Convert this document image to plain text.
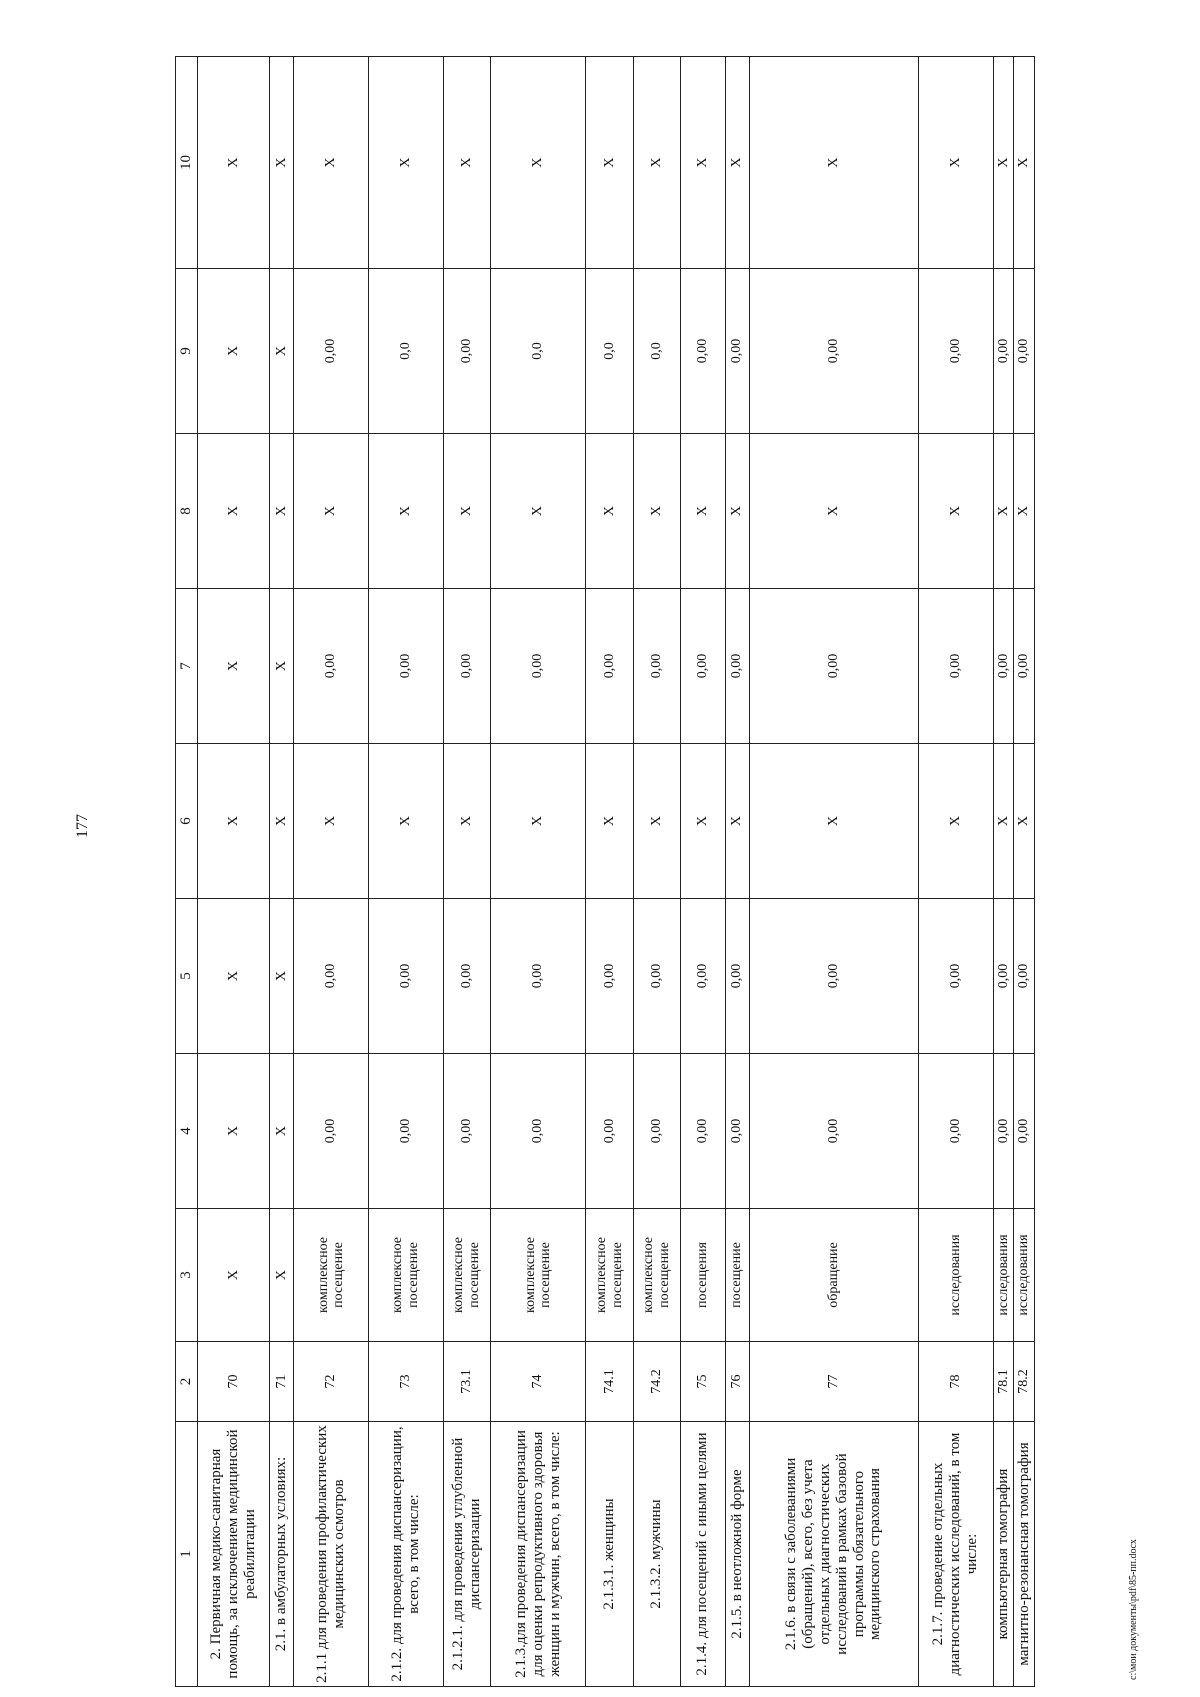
177
1	2	3	4	5	6	7	8	9	10
2. Первичная медико-санитарная помощь, за исключением медицинской реабилитации	70	X	X	X	X	X	X	X	X
2.1. в амбулаторных условиях:	71	X	X	X	X	X	X	X	X
2.1.1 для проведения профилактических медицинских осмотров	72	комплексное посещение	0,00	0,00	X	0,00	X	0,00	X
2.1.2. для проведения диспансеризации, всего, в том числе:	73	комплексное посещение	0,00	0,00	X	0,00	X	0,0	X
2.1.2.1. для проведения углубленной диспансеризации	73.1	комплексное посещение	0,00	0,00	X	0,00	X	0,00	X
2.1.3.для проведения диспансеризации для оценки репродуктивного здоровья женщин и мужчин, всего, в том числе:	74	комплексное посещение	0,00	0,00	X	0,00	X	0,0	X
2.1.3.1. женщины	74.1	комплексное посещение	0,00	0,00	X	0,00	X	0,0	X
2.1.3.2. мужчины	74.2	комплексное посещение	0,00	0,00	X	0,00	X	0,0	X
2.1.4. для посещений с иными целями	75	посещения	0,00	0,00	X	0,00	X	0,00	X
2.1.5. в неотложной форме	76	посещение	0,00	0,00	X	0,00	X	0,00	X
2.1.6. в связи с заболеваниями (обращений), всего, без учета отдельных диагностических исследований в рамках базовой программы обязательного медицинского страхования	77	обращение	0,00	0,00	X	0,00	X	0,00	X
2.1.7. проведение отдельных диагностических исследований, в том числе:	78	исследования	0,00	0,00	X	0,00	X	0,00	X
компьютерная томография	78.1	исследования	0,00	0,00	X	0,00	X	0,00	X
магнитно-резонансная томография	78.2	исследования	0,00	0,00	X	0,00	X	0,00	X
c:\мои документы\pdf\85-пп.docx
